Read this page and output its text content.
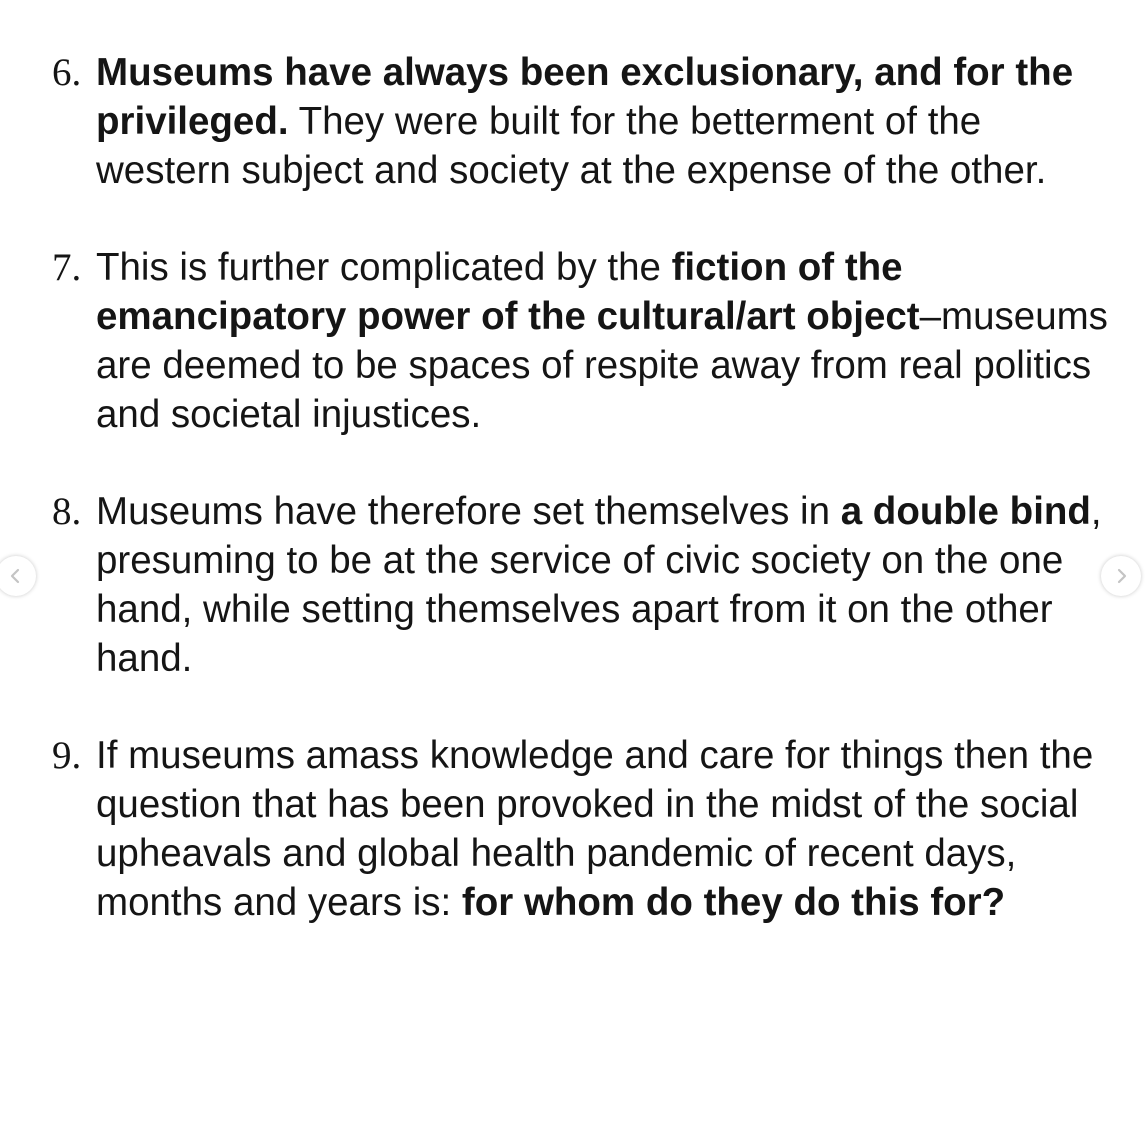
6. Museums have always been exclusionary, and for the privileged. They were built for the betterment of the western subject and society at the expense of the other.
7. This is further complicated by the fiction of the emancipatory power of the cultural/art object–museums are deemed to be spaces of respite away from real politics and societal injustices.
8. Museums have therefore set themselves in a double bind, presuming to be at the service of civic society on the one hand, while setting themselves apart from it on the other hand.
9. If museums amass knowledge and care for things then the question that has been provoked in the midst of the social upheavals and global health pandemic of recent days, months and years is: for whom do they do this for?
